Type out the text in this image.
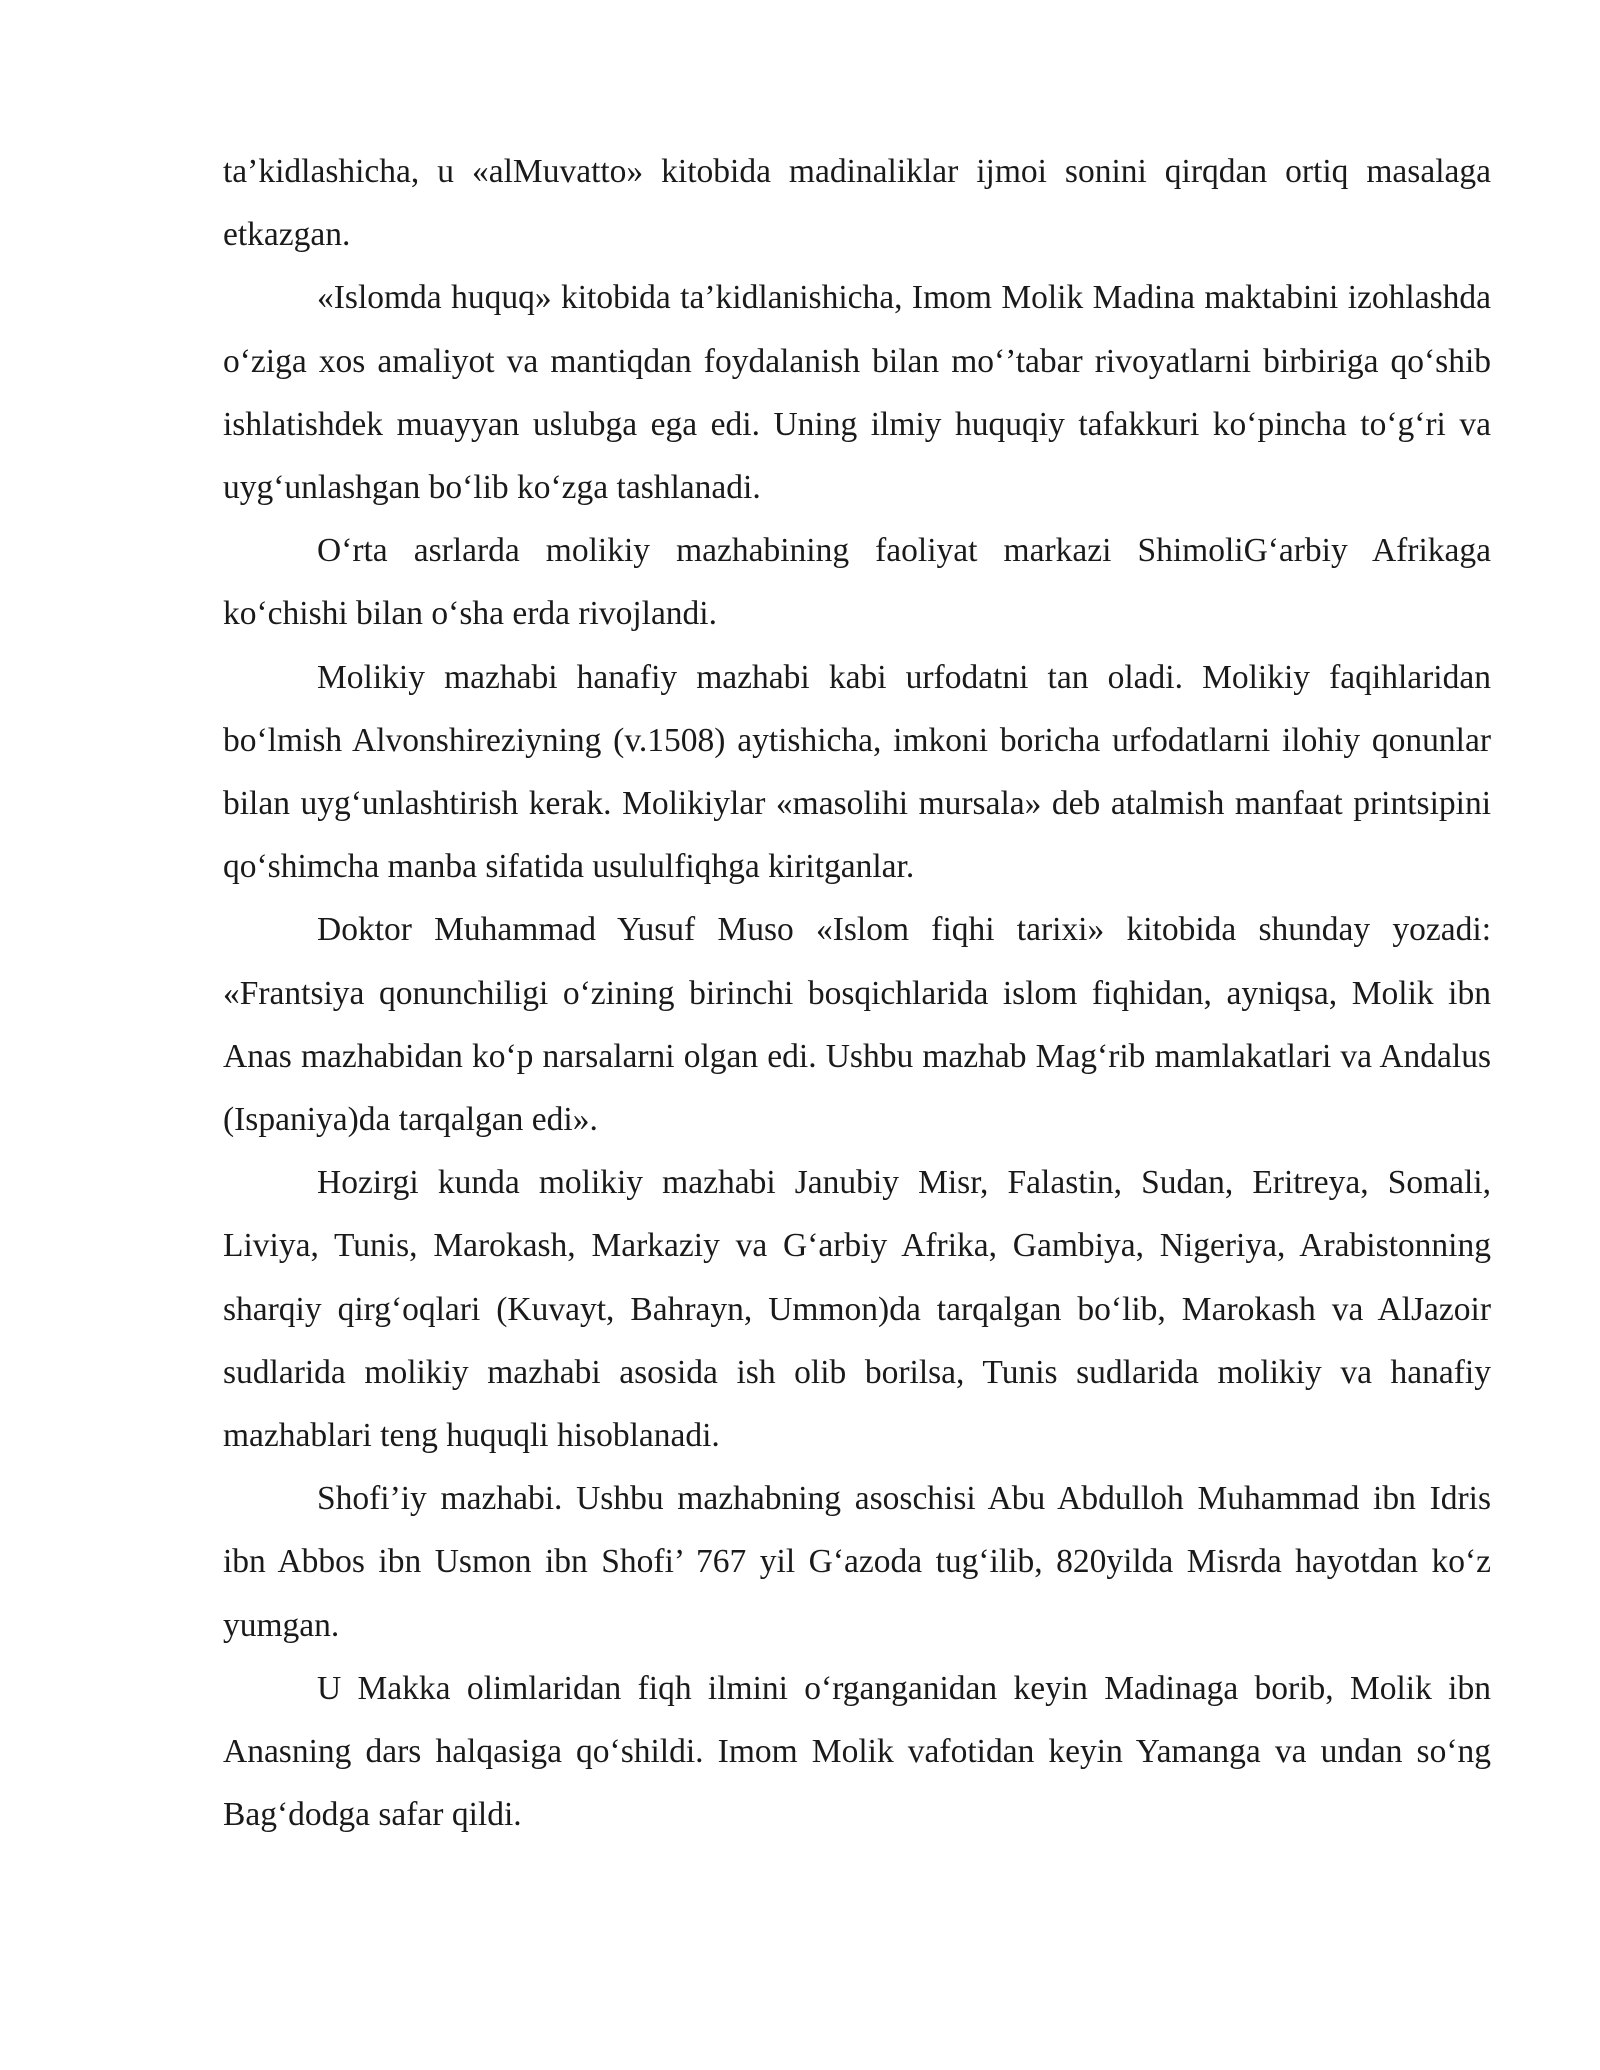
ta’kidlashicha, u «alMuvatto» kitobida madinaliklar ijmoi sonini qirqdan ortiq masalaga etkazgan.

«Islomda huquq» kitobida ta’kidlanishicha, Imom Molik Madina maktabini izohlashda o‘ziga xos amaliyot va mantiqdan foydalanish bilan mo‘’tabar rivoyatlarni birbiriga qo‘shib ishlatishdek muayyan uslubga ega edi. Uning ilmiy huquqiy tafakkuri ko‘pincha to‘g‘ri va uyg‘unlashgan bo‘lib ko‘zga tashlanadi.

O‘rta asrlarda molikiy mazhabining faoliyat markazi ShimoliG‘arbiy Afrikaga ko‘chishi bilan o‘sha erda rivojlandi.

Molikiy mazhabi hanafiy mazhabi kabi urfodatni tan oladi. Molikiy faqihlaridan bo‘lmish Alvonshireziyning (v.1508) aytishicha, imkoni boricha urfodatlarni ilohiy qonunlar bilan uyg‘unlashtirish kerak. Molikiylar «masolihi mursala» deb atalmish manfaat printsipini qo‘shimcha manba sifatida usululfiqhga kiritganlar.

Doktor Muhammad Yusuf Muso «Islom fiqhi tarixi» kitobida shunday yozadi: «Frantsiya qonunchiligi o‘zining birinchi bosqichlarida islom fiqhidan, ayniqsa, Molik ibn Anas mazhabidan ko‘p narsalarni olgan edi. Ushbu mazhab Mag‘rib mamlakatlari va Andalus (Ispaniya)da tarqalgan edi».

Hozirgi kunda molikiy mazhabi Janubiy Misr, Falastin, Sudan, Eritreya, Somali, Liviya, Tunis, Marokash, Markaziy va G‘arbiy Afrika, Gambiya, Nigeriya, Arabistonning sharqiy qirg‘oqlari (Kuvayt, Bahrayn, Ummon)da tarqalgan bo‘lib, Marokash va AlJazoir sudlarida molikiy mazhabi asosida ish olib borilsa, Tunis sudlarida molikiy va hanafiy mazhablari teng huquqli hisoblanadi.

Shofi’iy mazhabi. Ushbu mazhabning asoschisi Abu Abdulloh Muhammad ibn Idris ibn Abbos ibn Usmon ibn Shofi’ 767 yil G‘azoda tug‘ilib, 820yilda Misrda hayotdan ko‘z yumgan.

U Makka olimlaridan fiqh ilmini o‘rganganidan keyin Madinaga borib, Molik ibn Anasning dars halqasiga qo‘shildi. Imom Molik vafotidan keyin Yamanga va undan so‘ng Bag‘dodga safar qildi.
